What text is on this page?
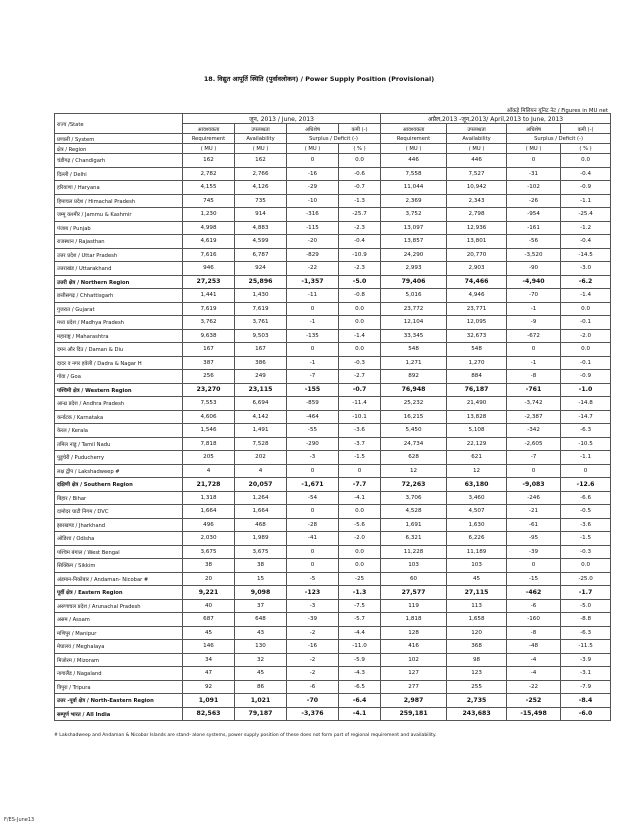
18. विद्युत आपूर्ति स्थिति (पुर्वावलोकन) / Power Supply Position (Provisional)
आँकड़े मिलियन यूनिट नेट / Figures in MU net
राज्य /State	जून, 2013 / June, 2013				अप्रैल,2013 -जून,2013/ April,2013 to June, 2013			
	आवश्यकता	उपलब्धता	अधिशेष	कमी (-)	आवश्यकता	उपलब्धता	अधिशेष	कमी (-)
प्रणाली / System	Requirement	Availability	Surplus / Deficit (-)		Requirement	Availability	Surplus / Deficit (-)	
क्षेत्र / Region	( MU )	( MU )	( MU )	( % )	( MU )	( MU )	( MU )	( % )
चंडीगढ़ / Chandigarh	162	162	0	0.0	446	446	0	0.0
दिल्ली / Delhi	2,782	2,766	-16	-0.6	7,558	7,527	-31	-0.4
हरियाणा / Haryana	4,155	4,126	-29	-0.7	11,044	10,942	-102	-0.9
हिमाचल प्रदेश / Himachal Pradesh	745	735	-10	-1.3	2,369	2,343	-26	-1.1
जम्मू कश्मीर / Jammu & Kashmir	1,230	914	-316	-25.7	3,752	2,798	-954	-25.4
पंजाब / Punjab	4,998	4,883	-115	-2.3	13,097	12,936	-161	-1.2
राजस्थान / Rajasthan	4,619	4,599	-20	-0.4	13,857	13,801	-56	-0.4
उत्तर प्रदेश / Uttar Pradesh	7,616	6,787	-829	-10.9	24,290	20,770	-3,520	-14.5
उत्तराखंड / Uttarakhand	946	924	-22	-2.3	2,993	2,903	-90	-3.0
उत्तरी क्षेत्र / Northern Region	27,253	25,896	-1,357	-5.0	79,406	74,466	-4,940	-6.2
छत्तीसगढ़ / Chhattisgarh	1,441	1,430	-11	-0.8	5,016	4,946	-70	-1.4
गुजरात / Gujarat	7,619	7,619	0	0.0	23,772	23,771	-1	0.0
मध्य प्रदेश / Madhya Pradesh	3,762	3,761	-1	0.0	12,104	12,095	-9	-0.1
महाराष्ट्र / Maharashtra	9,638	9,503	-135	-1.4	33,345	32,673	-672	-2.0
दमन और दिउ / Daman & Diu	167	167	0	0.0	548	548	0	0.0
दादर व नगर हवेली / Dadra & Nagar H	387	386	-1	-0.3	1,271	1,270	-1	-0.1
गोवा / Goa	256	249	-7	-2.7	892	884	-8	-0.9
पश्चिमी क्षेत्र / Western Region	23,270	23,115	-155	-0.7	76,948	76,187	-761	-1.0
आन्ध्र प्रदेश / Andhra Pradesh	7,553	6,694	-859	-11.4	25,232	21,490	-3,742	-14.8
कर्नाटक / Karnataka	4,606	4,142	-464	-10.1	16,215	13,828	-2,387	-14.7
केरल / Kerala	1,546	1,491	-55	-3.6	5,450	5,108	-342	-6.3
तमिल नाडु / Tamil Nadu	7,818	7,528	-290	-3.7	24,734	22,129	-2,605	-10.5
पुडुचेरी / Puducherry	205	202	-3	-1.5	628	621	-7	-1.1
लक्ष द्वीप / Lakshadweep #	4	4	0	0	12	12	0	0
दक्षिणी क्षेत्र / Southern Region	21,728	20,057	-1,671	-7.7	72,263	63,180	-9,083	-12.6
बिहार / Bihar	1,318	1,264	-54	-4.1	3,706	3,460	-246	-6.6
दामोदर घाटी निगम / DVC	1,664	1,664	0	0.0	4,528	4,507	-21	-0.5
झारखण्ड / Jharkhand	496	468	-28	-5.6	1,691	1,630	-61	-3.6
ओडिशा / Odisha	2,030	1,989	-41	-2.0	6,321	6,226	-95	-1.5
पश्चिम बंगाल / West Bengal	3,675	3,675	0	0.0	11,228	11,189	-39	-0.3
सिक्किम / Sikkim	38	38	0	0.0	103	103	0	0.0
अंडमान-निकोबार / Andaman- Nicobar #	20	15	-5	-25	60	45	-15	-25.0
पूर्वी क्षेत्र / Eastern Region	9,221	9,098	-123	-1.3	27,577	27,115	-462	-1.7
अरुणाचल प्रदेश / Arunachal Pradesh	40	37	-3	-7.5	119	113	-6	-5.0
असम / Assam	687	648	-39	-5.7	1,818	1,658	-160	-8.8
मणिपुर / Manipur	45	43	-2	-4.4	128	120	-8	-6.3
मेघालय / Meghalaya	146	130	-16	-11.0	416	368	-48	-11.5
मिजोरम / Mizoram	34	32	-2	-5.9	102	98	-4	-3.9
नागालैंड / Nagaland	47	45	-2	-4.3	127	123	-4	-3.1
त्रिपुरा / Tripura	92	86	-6	-6.5	277	255	-22	-7.9
उत्तर -पूर्वा क्षेत्र / North-Eastern Region	1,091	1,021	-70	-6.4	2,987	2,735	-252	-8.4
सम्पूर्ण भारत / All India	82,563	79,187	-3,376	-4.1	259,181	243,683	-15,498	-6.0
# Lakshadweep and Andaman & Nicobar Islands are stand- alone systems, power supply position of these does not form part of regional requirement and availability.
F/ES-June13
